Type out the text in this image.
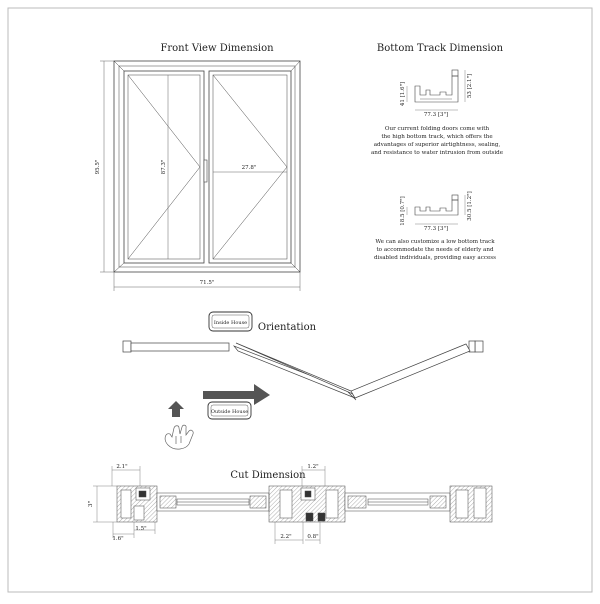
Front View Dimension
95.5"
71.5"
87.3"	27.8"
Bottom Track Dimension
41 [1.6"]	53 [2.1"]
77.3 [3"]
Our current folding doors come with
the high bottom track, which offers the
advantages of superior airtightness, sealing,
and resistance to water intrusion from outside
18.5 [0.7"]	30.5 [1.2"]
77.3 [3"]
We can also customize a low bottom track
to accommodate the needs of elderly and
disabled individuals, providing easy access
Inside House Orientation
Outside House
Cut Dimension
2.1"
3"
1.2"
1.6"
1.5"
2.2"	0.8"
